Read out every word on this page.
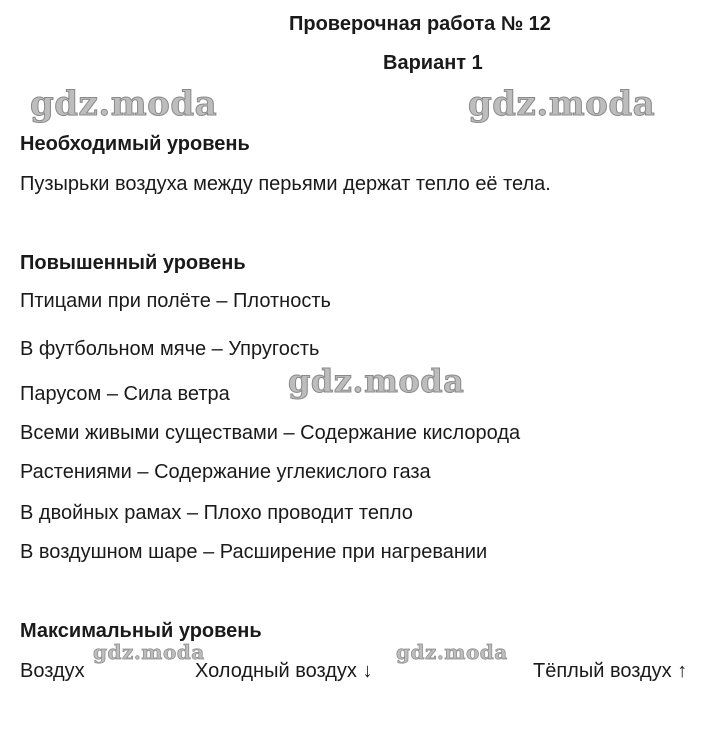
Проверочная работа № 12
Вариант 1
gdz.moda	gdz.moda
gdz.moda
gdz.moda	gdz.moda
Необходимый уровень
Пузырьки воздуха между перьями держат тепло её тела.
Повышенный уровень
Птицами при полёте – Плотность
В футбольном мяче – Упругость
Парусом – Сила ветра
Всеми живыми существами – Содержание кислорода
Растениями – Содержание углекислого газа
В двойных рамах – Плохо проводит тепло
В воздушном шаре – Расширение при нагревании
Максимальный уровень
Воздух	Холодный воздух ↓	Тёплый воздух ↑
